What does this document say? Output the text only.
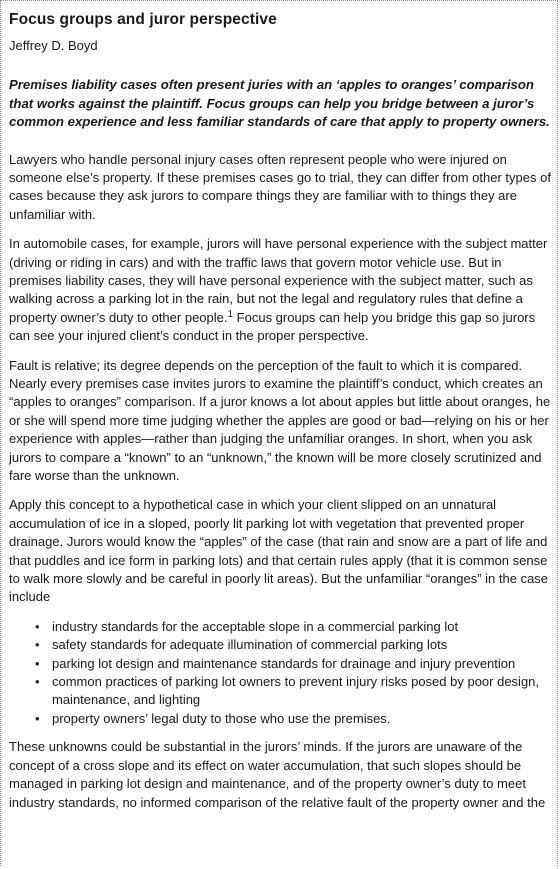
Focus groups and juror perspective
Jeffrey D. Boyd
Premises liability cases often present juries with an ‘apples to oranges’ comparison that works against the plaintiff. Focus groups can help you bridge between a juror’s common experience and less familiar standards of care that apply to property owners.

Lawyers who handle personal injury cases often represent people who were injured on someone else’s property. If these premises cases go to trial, they can differ from other types of cases because they ask jurors to compare things they are familiar with to things they are unfamiliar with.

In automobile cases, for example, jurors will have personal experience with the subject matter (driving or riding in cars) and with the traffic laws that govern motor vehicle use. But in premises liability cases, they will have personal experience with the subject matter, such as walking across a parking lot in the rain, but not the legal and regulatory rules that define a property owner’s duty to other people.$^1$ Focus groups can help you bridge this gap so jurors can see your injured client’s conduct in the proper perspective.

Fault is relative; its degree depends on the perception of the fault to which it is compared. Nearly every premises case invites jurors to examine the plaintiff’s conduct, which creates an “apples to oranges” comparison. If a juror knows a lot about apples but little about oranges, he or she will spend more time judging whether the apples are good or bad—relying on his or her experience with apples—rather than judging the unfamiliar oranges. In short, when you ask jurors to compare a “known” to an “unknown,” the known will be more closely scrutinized and fare worse than the unknown.

Apply this concept to a hypothetical case in which your client slipped on an unnatural accumulation of ice in a sloped, poorly lit parking lot with vegetation that prevented proper drainage. Jurors would know the “apples” of the case (that rain and snow are a part of life and that puddles and ice form in parking lots) and that certain rules apply (that it is common sense to walk more slowly and be careful in poorly lit areas). But the unfamiliar “oranges” in the case include

• industry standards for the acceptable slope in a commercial parking lot
• safety standards for adequate illumination of commercial parking lots
• parking lot design and maintenance standards for drainage and injury prevention
• common practices of parking lot owners to prevent injury risks posed by poor design, maintenance, and lighting
• property owners’ legal duty to those who use the premises.

These unknowns could be substantial in the jurors’ minds. If the jurors are unaware of the concept of a cross slope and its effect on water accumulation, that such slopes should be managed in parking lot design and maintenance, and of the property owner’s duty to meet industry standards, no informed comparison of the relative fault of the property owner and the
